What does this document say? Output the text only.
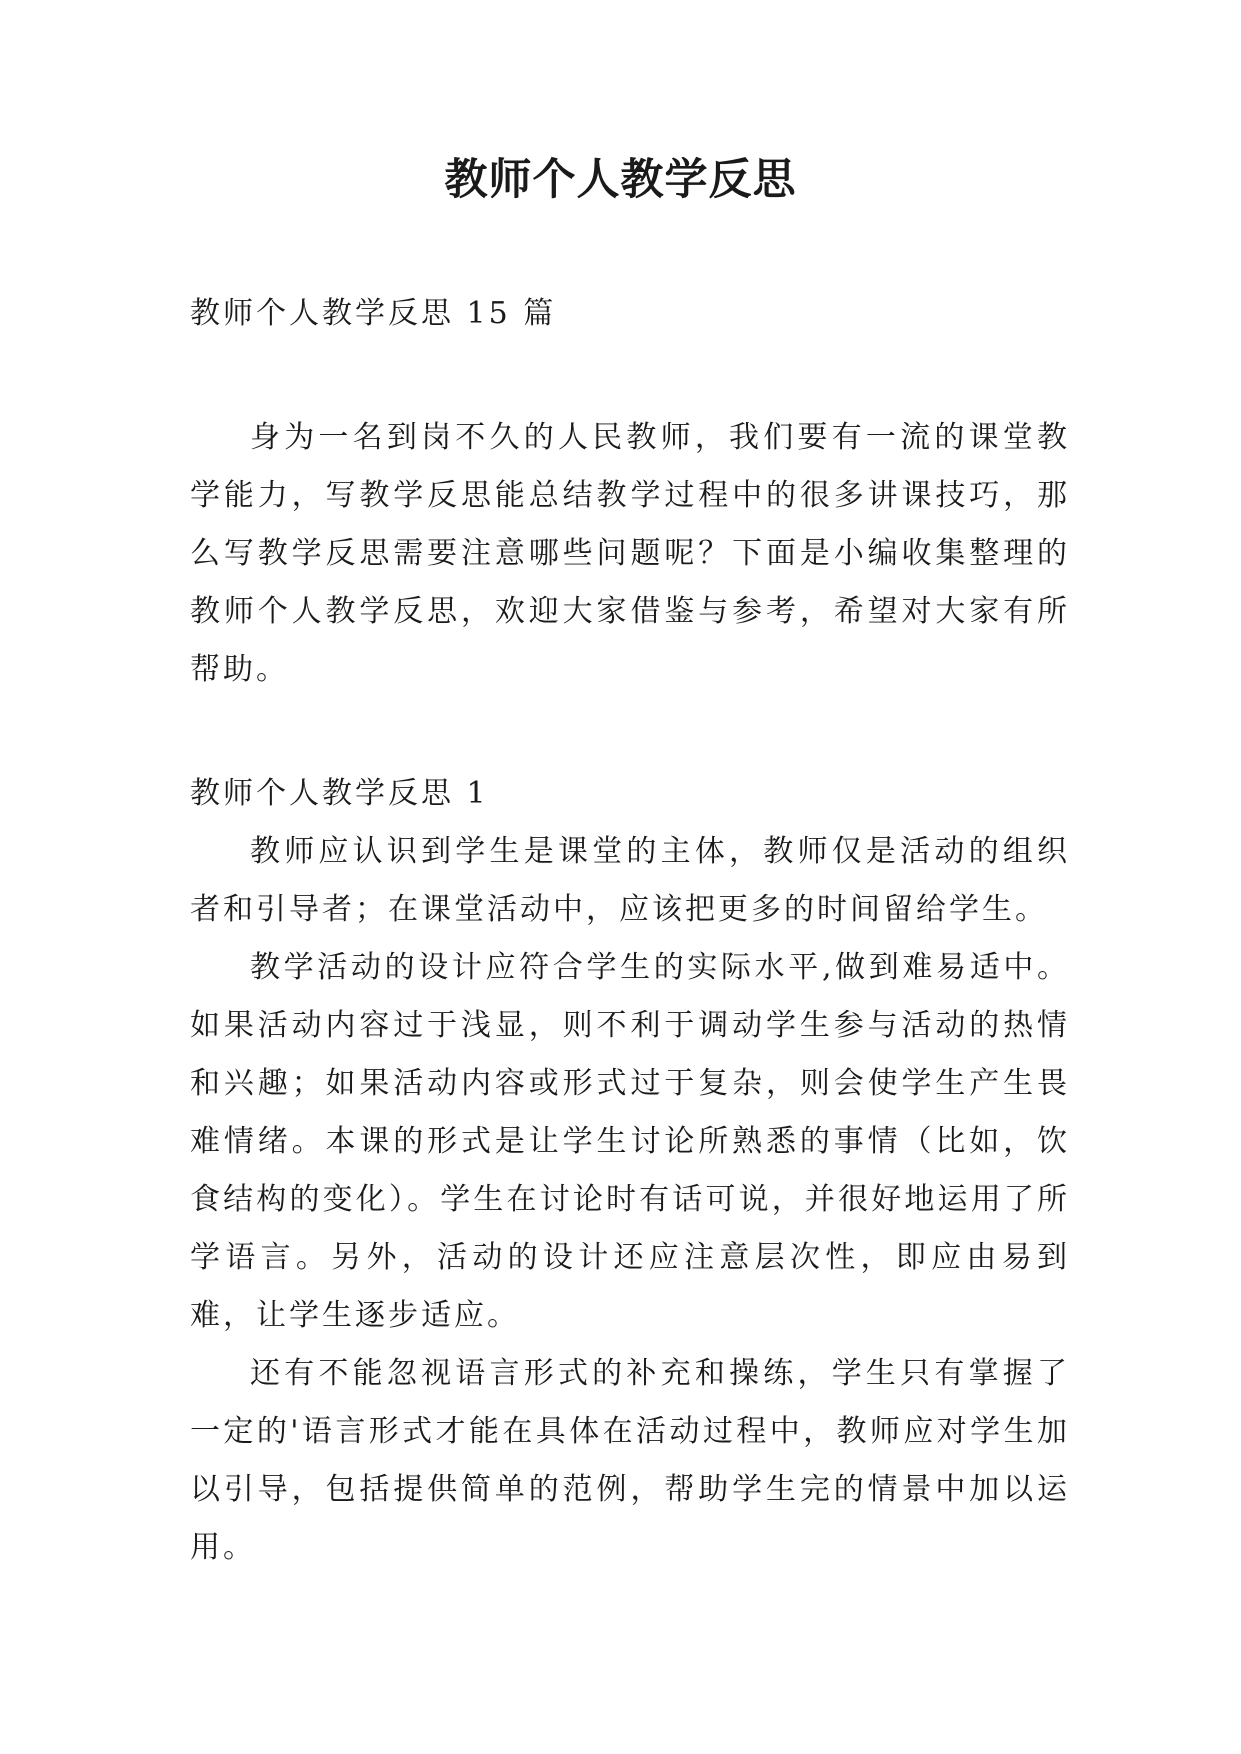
教师个人教学反思

教师个人教学反思 15 篇

身为一名到岗不久的人民教师，我们要有一流的课堂教学能力，写教学反思能总结教学过程中的很多讲课技巧，那么写教学反思需要注意哪些问题呢？下面是小编收集整理的教师个人教学反思，欢迎大家借鉴与参考，希望对大家有所帮助。

教师个人教学反思 1

教师应认识到学生是课堂的主体，教师仅是活动的组织者和引导者；在课堂活动中，应该把更多的时间留给学生。

教学活动的设计应符合学生的实际水平,做到难易适中。如果活动内容过于浅显，则不利于调动学生参与活动的热情和兴趣；如果活动内容或形式过于复杂，则会使学生产生畏难情绪。本课的形式是让学生讨论所熟悉的事情（比如，饮食结构的变化）。学生在讨论时有话可说，并很好地运用了所学语言。另外，活动的设计还应注意层次性，即应由易到难，让学生逐步适应。

还有不能忽视语言形式的补充和操练，学生只有掌握了一定的'语言形式才能在具体在活动过程中，教师应对学生加以引导，包括提供简单的范例，帮助学生完的情景中加以运用。
